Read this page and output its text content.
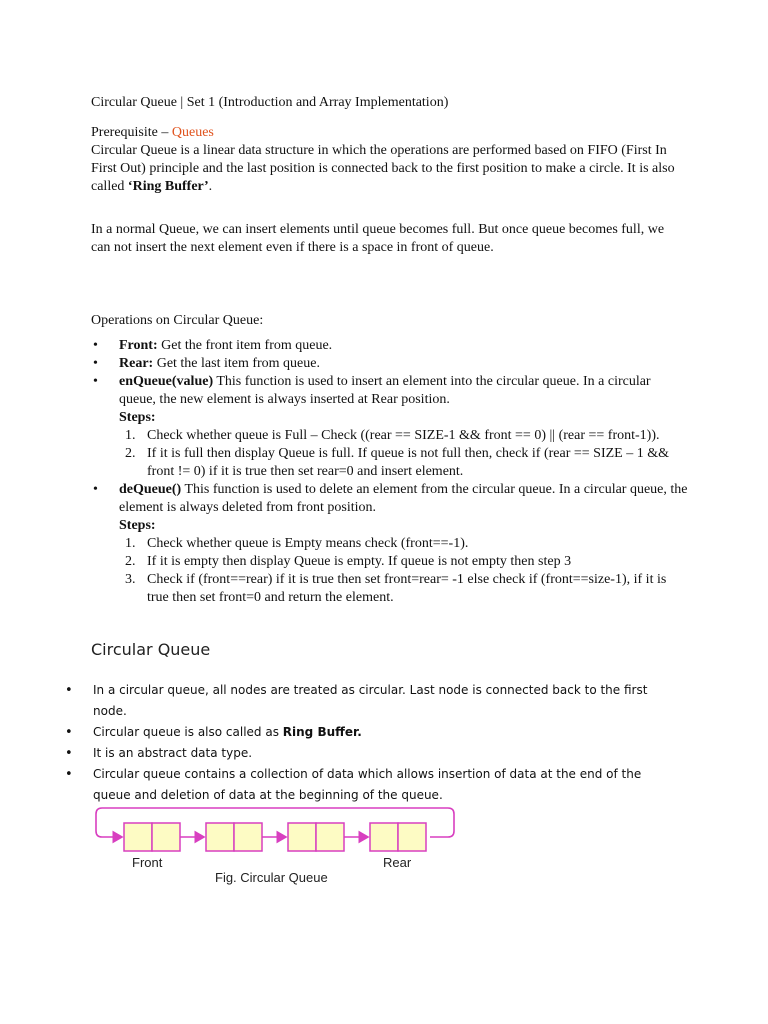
Circular Queue | Set 1 (Introduction and Array Implementation)

Prerequisite – Queues

Circular Queue is a linear data structure in which the operations are performed based on FIFO (First In First Out) principle and the last position is connected back to the first position to make a circle. It is also called ‘Ring Buffer’.

In a normal Queue, we can insert elements until queue becomes full. But once queue becomes full, we can not insert the next element even if there is a space in front of queue.

Operations on Circular Queue:

• Front: Get the front item from queue.
• Rear: Get the last item from queue.
• enQueue(value) This function is used to insert an element into the circular queue. In a circular queue, the new element is always inserted at Rear position.
Steps:
1. Check whether queue is Full – Check ((rear == SIZE-1 && front == 0) || (rear == front-1)).
2. If it is full then display Queue is full. If queue is not full then, check if (rear == SIZE – 1 && front != 0) if it is true then set rear=0 and insert element.
• deQueue() This function is used to delete an element from the circular queue. In a circular queue, the element is always deleted from front position.
Steps:
1. Check whether queue is Empty means check (front==-1).
2. If it is empty then display Queue is empty. If queue is not empty then step 3
3. Check if (front==rear) if it is true then set front=rear= -1 else check if (front==size-1), if it is true then set front=0 and return the element.

Circular Queue

• In a circular queue, all nodes are treated as circular. Last node is connected back to the first node.
• Circular queue is also called as Ring Buffer.
• It is an abstract data type.
• Circular queue contains a collection of data which allows insertion of data at the end of the queue and deletion of data at the beginning of the queue.
Front	Rear
Fig. Circular Queue
